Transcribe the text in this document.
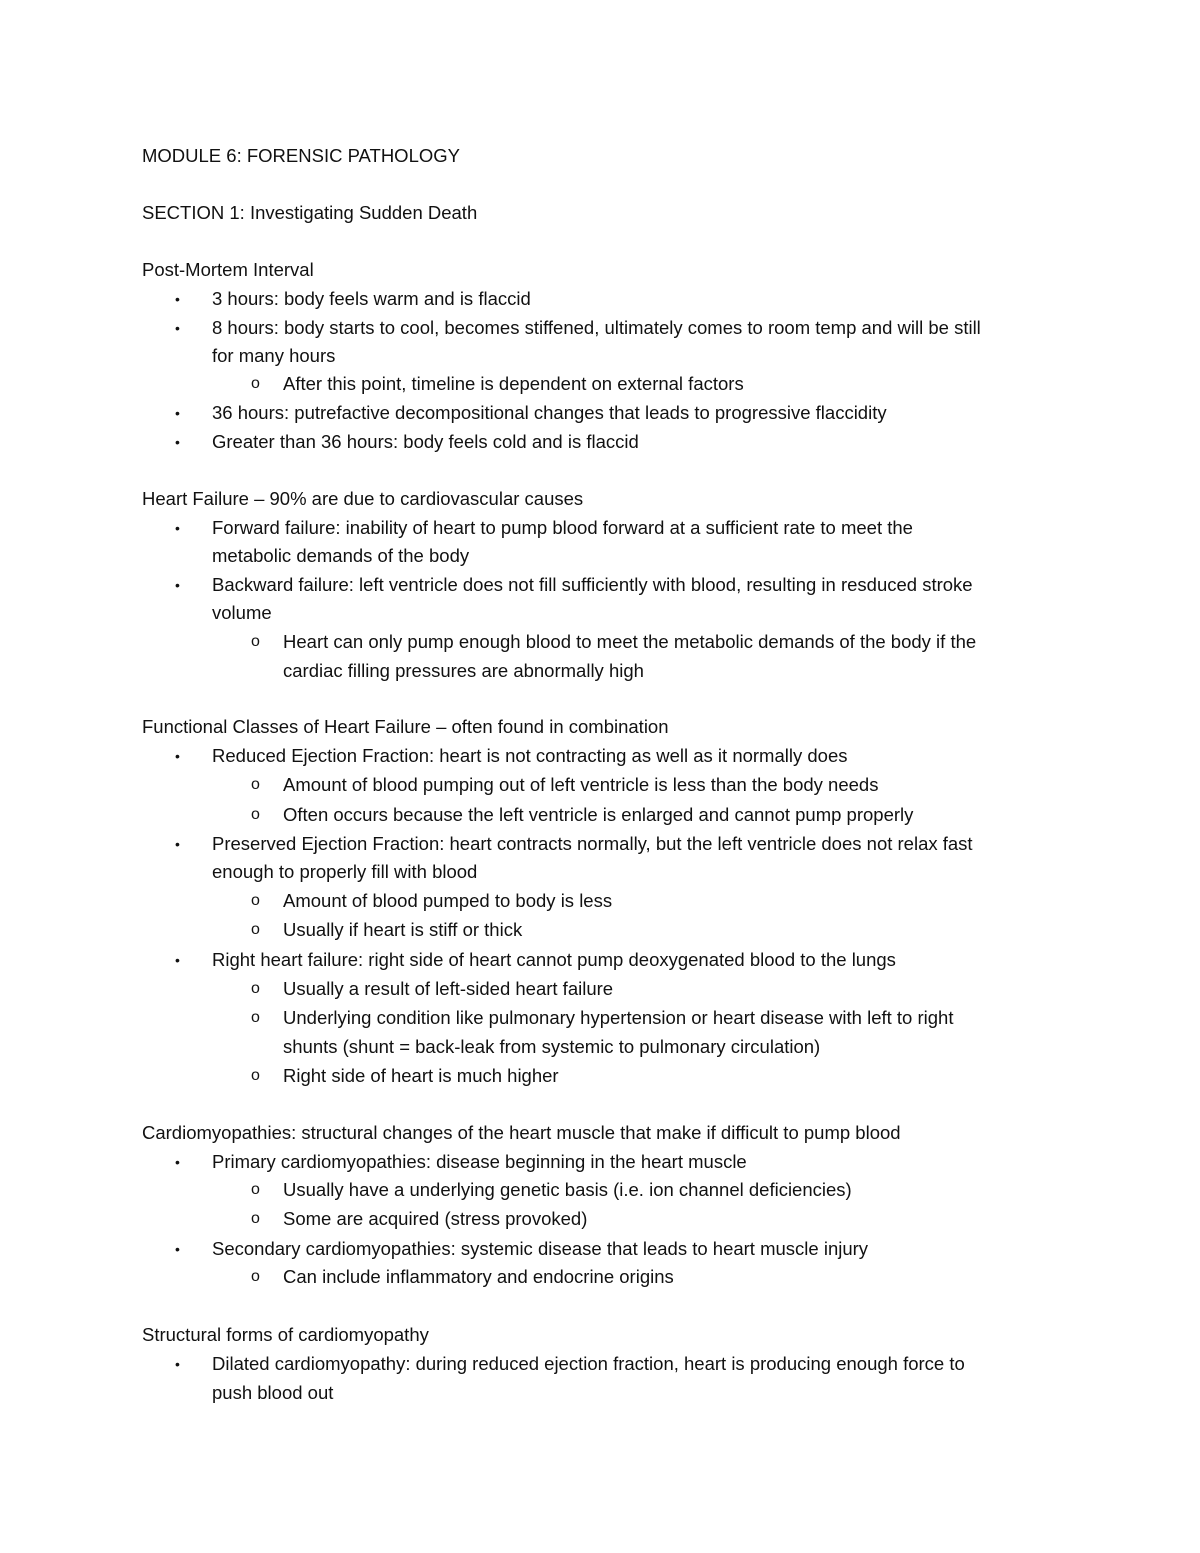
MODULE 6: FORENSIC PATHOLOGY
SECTION 1: Investigating Sudden Death
Post-Mortem Interval
• 3 hours: body feels warm and is flaccid
• 8 hours: body starts to cool, becomes stiffened, ultimately comes to room temp and will be still
for many hours
o After this point, timeline is dependent on external factors
• 36 hours: putrefactive decompositional changes that leads to progressive flaccidity
• Greater than 36 hours: body feels cold and is flaccid
Heart Failure – 90% are due to cardiovascular causes
• Forward failure: inability of heart to pump blood forward at a sufficient rate to meet the
metabolic demands of the body
• Backward failure: left ventricle does not fill sufficiently with blood, resulting in resduced stroke
volume
o Heart can only pump enough blood to meet the metabolic demands of the body if the
cardiac filling pressures are abnormally high
Functional Classes of Heart Failure – often found in combination
• Reduced Ejection Fraction: heart is not contracting as well as it normally does
o Amount of blood pumping out of left ventricle is less than the body needs
o Often occurs because the left ventricle is enlarged and cannot pump properly
• Preserved Ejection Fraction: heart contracts normally, but the left ventricle does not relax fast
enough to properly fill with blood
o Amount of blood pumped to body is less
o Usually if heart is stiff or thick
• Right heart failure: right side of heart cannot pump deoxygenated blood to the lungs
o Usually a result of left-sided heart failure
o Underlying condition like pulmonary hypertension or heart disease with left to right
shunts (shunt = back-leak from systemic to pulmonary circulation)
o Right side of heart is much higher
Cardiomyopathies: structural changes of the heart muscle that make if difficult to pump blood
• Primary cardiomyopathies: disease beginning in the heart muscle
o Usually have a underlying genetic basis (i.e. ion channel deficiencies)
o Some are acquired (stress provoked)
• Secondary cardiomyopathies: systemic disease that leads to heart muscle injury
o Can include inflammatory and endocrine origins
Structural forms of cardiomyopathy
• Dilated cardiomyopathy: during reduced ejection fraction, heart is producing enough force to
push blood out
